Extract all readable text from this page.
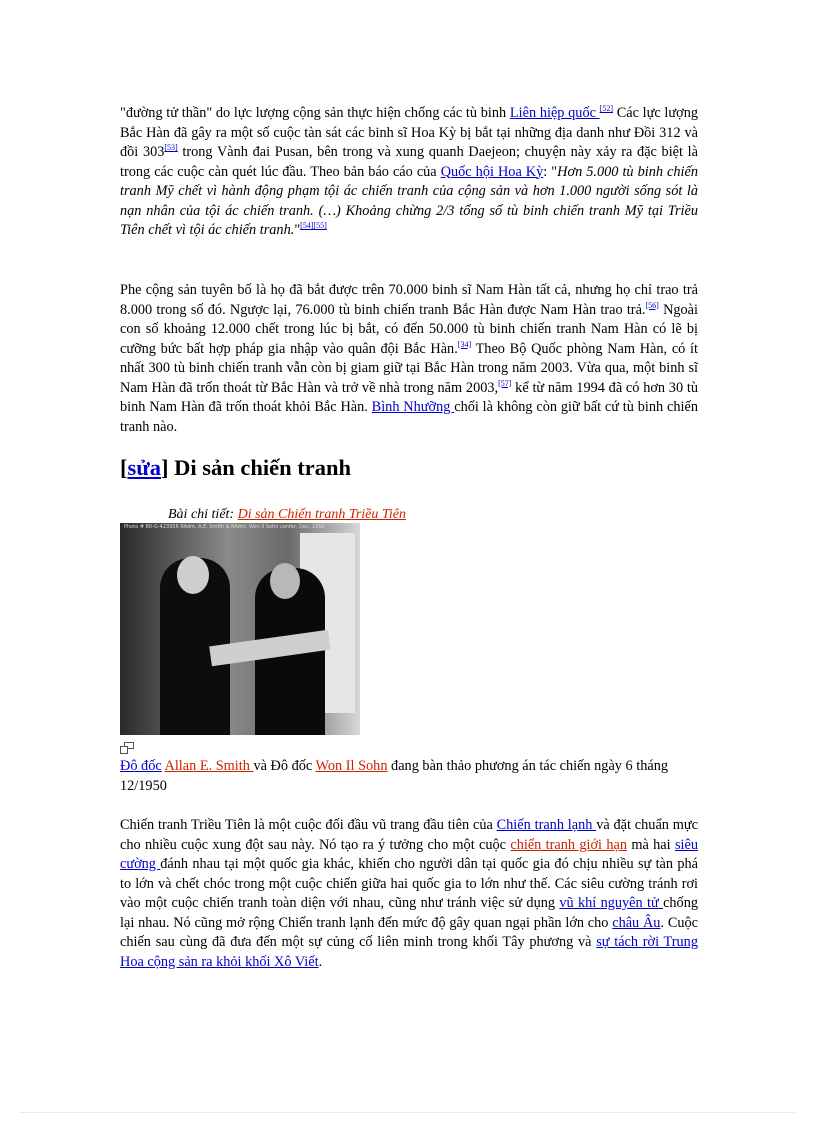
"đường tử thần" do lực lượng cộng sản thực hiện chống các tù binh Liên hiệp quốc [52] Các lực lượng Bắc Hàn đã gây ra một số cuộc tàn sát các binh sĩ Hoa Kỳ bị bắt tại những địa danh như Đồi 312 và đồi 303[53] trong Vành đai Pusan, bên trong và xung quanh Daejeon; chuyện này xảy ra đặc biệt là trong các cuộc càn quét lúc đầu. Theo bản báo cáo của Quốc hội Hoa Kỳ: "Hơn 5.000 tù binh chiến tranh Mỹ chết vì hành động phạm tội ác chiến tranh của cộng sản và hơn 1.000 người sống sót là nạn nhân của tội ác chiến tranh. (…) Khoảng chừng 2/3 tổng số tù binh chiến tranh Mỹ tại Triều Tiên chết vì tội ác chiến tranh."[54][55]

Phe cộng sản tuyên bố là họ đã bắt được trên 70.000 binh sĩ Nam Hàn tất cả, nhưng họ chỉ trao trả 8.000 trong số đó. Ngược lại, 76.000 tù binh chiến tranh Bắc Hàn được Nam Hàn trao trả.[56] Ngoài con số khoảng 12.000 chết trong lúc bị bắt, có đến 50.000 tù binh chiến tranh Nam Hàn có lẽ bị cưỡng bức bất hợp pháp gia nhập vào quân đội Bắc Hàn.[34] Theo Bộ Quốc phòng Nam Hàn, có ít nhất 300 tù binh chiến tranh vẫn còn bị giam giữ tại Bắc Hàn trong năm 2003. Vừa qua, một binh sĩ Nam Hàn đã trốn thoát từ Bắc Hàn và trở về nhà trong năm 2003,[57] kể từ năm 1994 đã có hơn 30 tù binh Nam Hàn đã trốn thoát khỏi Bắc Hàn. Bình Nhưỡng chối là không còn giữ bất cứ tù binh chiến tranh nào.

[sửa] Di sản chiến tranh
Bài chi tiết: Di sản Chiến tranh Triều Tiên
Photo # 80-G-423956 RAdm. A.E. Smith & RAdm. Won Il Sohn confer, Dec. 1950

Đô đốc Allan E. Smith và Đô đốc Won Il Sohn đang bàn thảo phương án tác chiến ngày 6 tháng 12/1950

Chiến tranh Triều Tiên là một cuộc đối đầu vũ trang đầu tiên của Chiến tranh lạnh và đặt chuẩn mực cho nhiều cuộc xung đột sau này. Nó tạo ra ý tưởng cho một cuộc chiến tranh giới hạn mà hai siêu cường đánh nhau tại một quốc gia khác, khiến cho người dân tại quốc gia đó chịu nhiều sự tàn phá to lớn và chết chóc trong một cuộc chiến giữa hai quốc gia to lớn như thế. Các siêu cường tránh rơi vào một cuộc chiến tranh toàn diện với nhau, cũng như tránh việc sử dụng vũ khí nguyên tử chống lại nhau. Nó cũng mở rộng Chiến tranh lạnh đến mức độ gây quan ngại phần lớn cho châu Âu. Cuộc chiến sau cùng đã đưa đến một sự củng cố liên minh trong khối Tây phương và sự tách rời Trung Hoa cộng sản ra khỏi khối Xô Viết.
